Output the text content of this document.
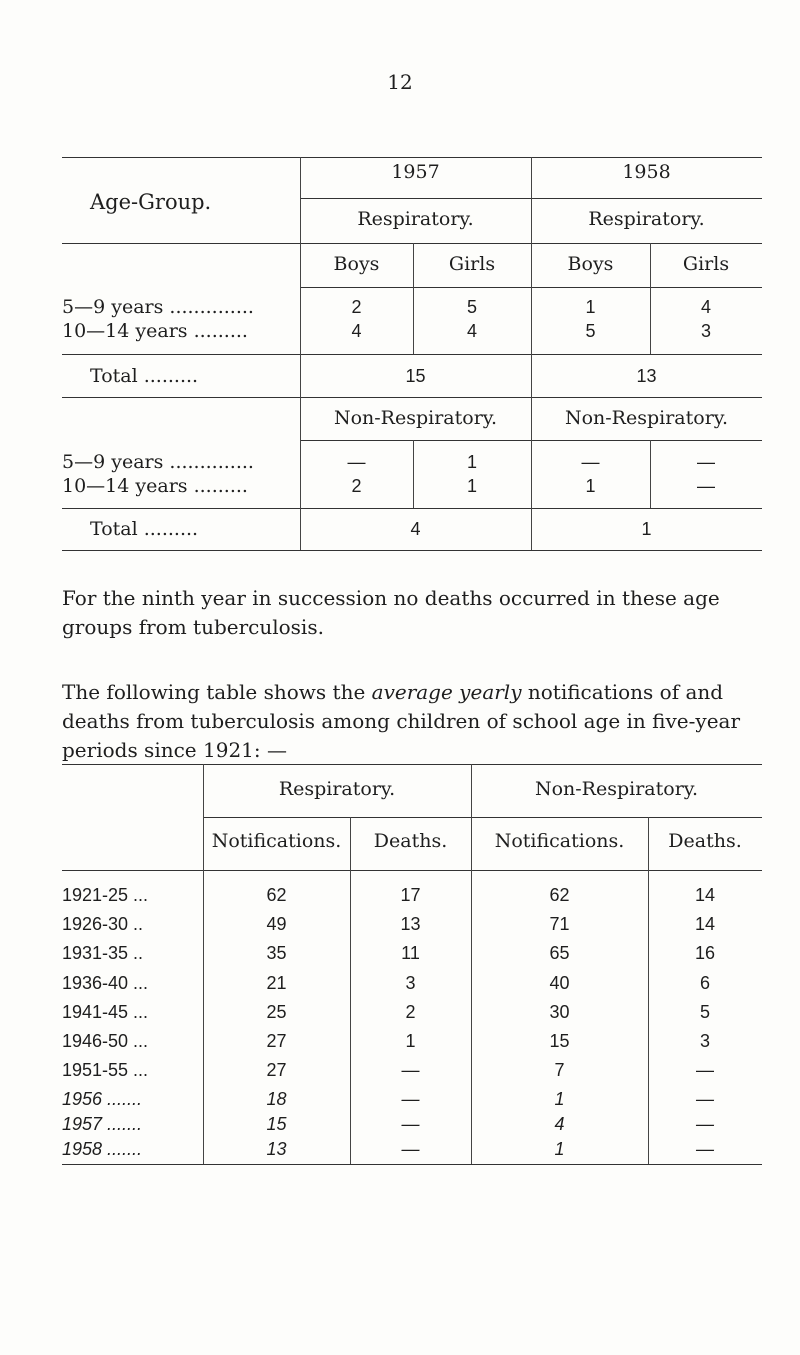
12
Age-Group.
1957	1958
Respiratory.	Respiratory.
Boys	Girls	Boys	Girls
5—9 years ..............	2	5	1	4
10—14 years .........	4	4	5	3
Total .........	15	13
Non-Respiratory.	Non-Respiratory.
5—9 years ..............	—	1	—	—
10—14 years .........	2	1	1	—
Total .........	4	1

For the ninth year in succession no deaths occurred in these age groups from tuberculosis.

The following table shows the average yearly notifications of and deaths from tuberculosis among children of school age in five-year periods since 1921: —

Respiratory.	Non-Respiratory.
Notifications.	Deaths.	Notifications.	Deaths.
1921-25 ...	62	17	62	14
1926-30 ..	49	13	71	14
1931-35 ..	35	11	65	16
1936-40 ...	21	3	40	6
1941-45 ...	25	2	30	5
1946-50 ...	27	1	15	3
1951-55 ...	27	—	7	—
1956 .......	18	—	1	—
1957 .......	15	—	4	—
1958 .......	13	—	1	—
